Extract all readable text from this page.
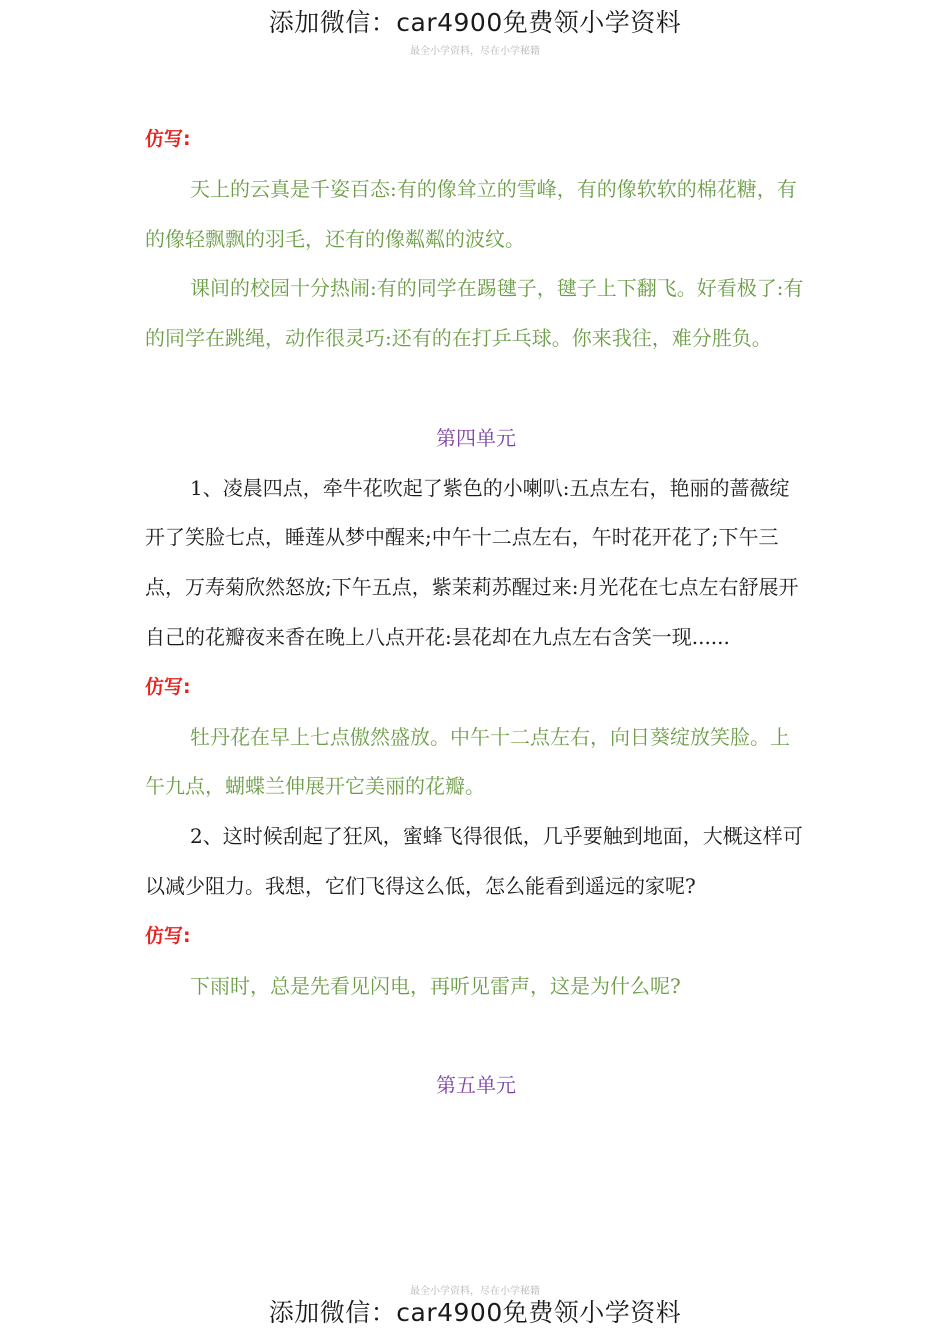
添加微信：car4900免费领小学资料
最全小学资料，尽在小学秘籍

仿写:

天上的云真是千姿百态:有的像耸立的雪峰，有的像软软的棉花糖，有的像轻飘飘的羽毛，还有的像粼粼的波纹。

课间的校园十分热闹:有的同学在踢毽子，毽子上下翻飞。好看极了:有的同学在跳绳，动作很灵巧:还有的在打乒乓球。你来我往，难分胜负。

第四单元

1、凌晨四点，牵牛花吹起了紫色的小喇叭:五点左右，艳丽的蔷薇绽开了笑脸七点，睡莲从梦中醒来;中午十二点左右，午时花开花了;下午三点，万寿菊欣然怒放;下午五点，紫茉莉苏醒过来:月光花在七点左右舒展开自己的花瓣夜来香在晚上八点开花:昙花却在九点左右含笑一现......

仿写:

牡丹花在早上七点傲然盛放。中午十二点左右，向日葵绽放笑脸。上午九点，蝴蝶兰伸展开它美丽的花瓣。

2、这时候刮起了狂风，蜜蜂飞得很低，几乎要触到地面，大概这样可以减少阻力。我想，它们飞得这么低，怎么能看到遥远的家呢?

仿写:

下雨时，总是先看见闪电，再听见雷声，这是为什么呢?

第五单元

最全小学资料，尽在小学秘籍
添加微信：car4900免费领小学资料
